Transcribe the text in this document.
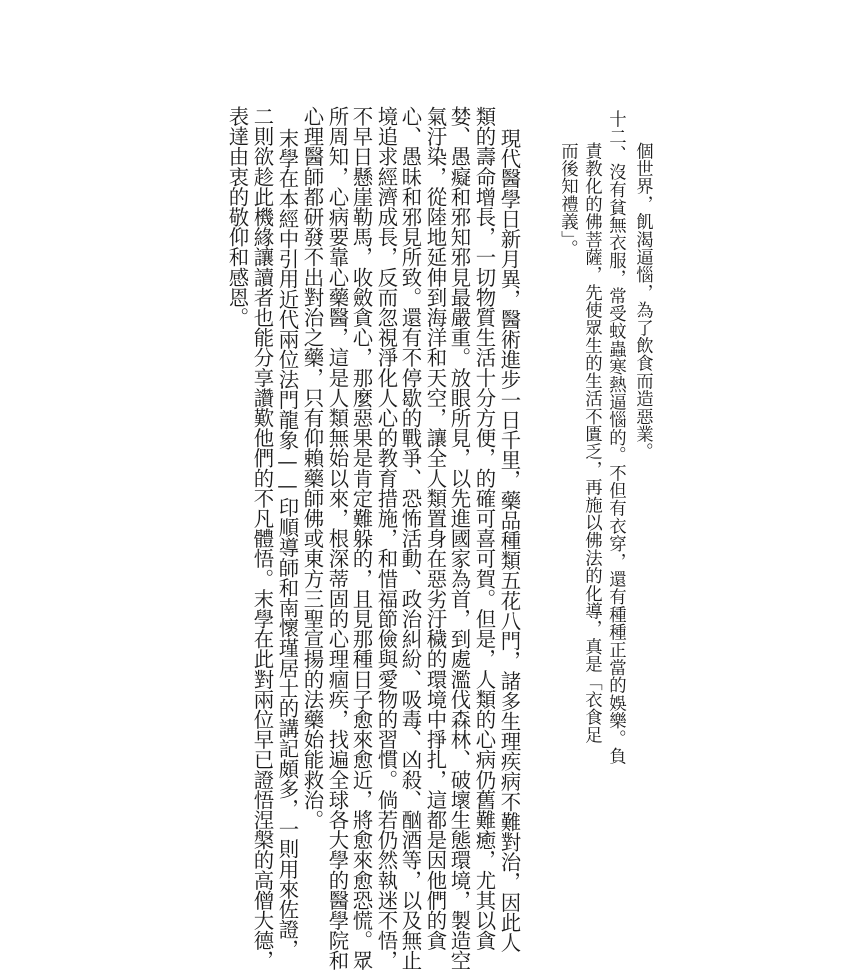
個世界，飢渴逼惱，為了飲食而造惡業。
十二、沒有貧無衣服，常受蚊蟲寒熱逼惱的。不但有衣穿，還有種種正當的娛樂。負
責教化的佛菩薩，先使眾生的生活不匱乏，再施以佛法的化導，真是「衣食足
而後知禮義」。
現代醫學日新月異，醫術進步一日千里，藥品種類五花八門，諸多生理疾病不難對治，因此人
類的壽命增長，一切物質生活十分方便，的確可喜可賀。但是，人類的心病仍舊難癒，尤其以貪
婪、愚癡和邪知邪見最嚴重。放眼所見，以先進國家為首，到處濫伐森林、破壞生態環境，製造空
氣汙染，從陸地延伸到海洋和天空，讓全人類置身在惡劣汙穢的環境中掙扎，這都是因他們的貪
心、愚昧和邪見所致。還有不停歇的戰爭、恐怖活動、政治糾紛、吸毒、凶殺、酗酒等，以及無止
境追求經濟成長，反而忽視淨化人心的教育措施，和惜福節儉與愛物的習慣。倘若仍然執迷不悟，
不早日懸崖勒馬，收斂貪心，那麼惡果是肯定難躲的，且見那種日子愈來愈近，將愈來愈恐慌。眾
所周知，心病要靠心藥醫，這是人類無始以來，根深蒂固的心理痼疾，找遍全球各大學的醫學院和
心理醫師都研發不出對治之藥，只有仰賴藥師佛或東方三聖宣揚的法藥始能救治。
末學在本經中引用近代兩位法門龍象——印順導師和南懷瑾居士的講記頗多，一則用來佐證，
二則欲趁此機緣讓讀者也能分享讚歎他們的不凡體悟。末學在此對兩位早已證悟涅槃的高僧大德，
表達由衷的敬仰和感恩。
